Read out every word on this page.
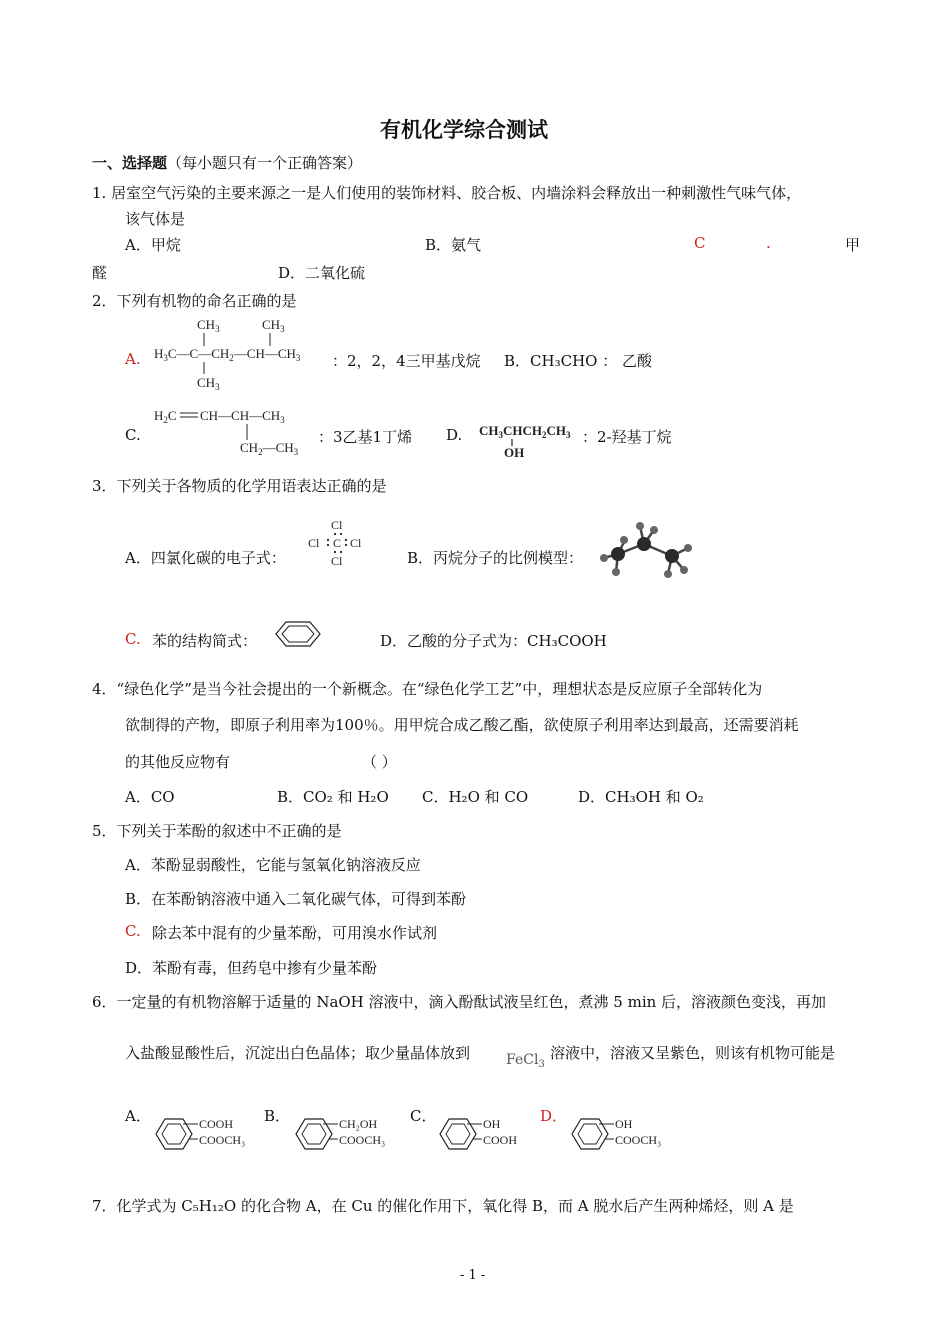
有机化学综合测试
一、选择题（每小题只有一个正确答案）
1. 居室空气污染的主要来源之一是人们使用的装饰材料、胶合板、内墙涂料会释放出一种刺激性气味气体，
该气体是
A．甲烷	B．氨气	C	.	甲
醛	D．二氧化硫
2．下列有机物的命名正确的是
A.
$CH_3$	$CH_3$
$H_3C—C—CH_2—CH—CH_3$
$CH_3$
：2，2，4三甲基戊烷 B．CH₃CHO ： 乙酸
C.
$H_2C$ $CH—CH—CH_3$
$CH_2—CH_3$
：3乙基1丁烯 D. $CH_3CHCH_2CH_3$
OH
：2-羟基丁烷
3．下列关于各物质的化学用语表达正确的是
A．四氯化碳的电子式：
Cl
Cl C Cl
Cl	B．丙烷分子的比例模型：
C. 苯的结构简式：	D．乙酸的分子式为：CH₃COOH
4．“绿色化学”是当今社会提出的一个新概念。在“绿色化学工艺”中，理想状态是反应原子全部转化为
欲制得的产物，即原子利用率为100％。用甲烷合成乙酸乙酯，欲使原子利用率达到最高，还需要消耗
的其他反应物有	（ ）
A．CO	B．CO₂ 和 H₂O C．H₂O 和 CO	D．CH₃OH 和 O₂
5．下列关于苯酚的叙述中不正确的是
A．苯酚显弱酸性，它能与氢氧化钠溶液反应
B．在苯酚钠溶液中通入二氧化碳气体，可得到苯酚
C. 除去苯中混有的少量苯酚，可用溴水作试剂
D．苯酚有毒，但药皂中掺有少量苯酚
6．一定量的有机物溶解于适量的 NaOH 溶液中，滴入酚酞试液呈红色，煮沸 5 min 后，溶液颜色变浅，再加
入盐酸显酸性后，沉淀出白色晶体；取少量晶体放到	FeCl$_3$
溶液中，溶液又呈紫色，则该有机物可能是
A．	COOH
COOCH₃
B．	CH₂OH
COOCH₃
C．	OH
COOH
D．	OH
COOCH₃
7．化学式为 C₅H₁₂O 的化合物 A，在 Cu 的催化作用下，氧化得 B，而 A 脱水后产生两种烯烃，则 A 是
- 1 -
